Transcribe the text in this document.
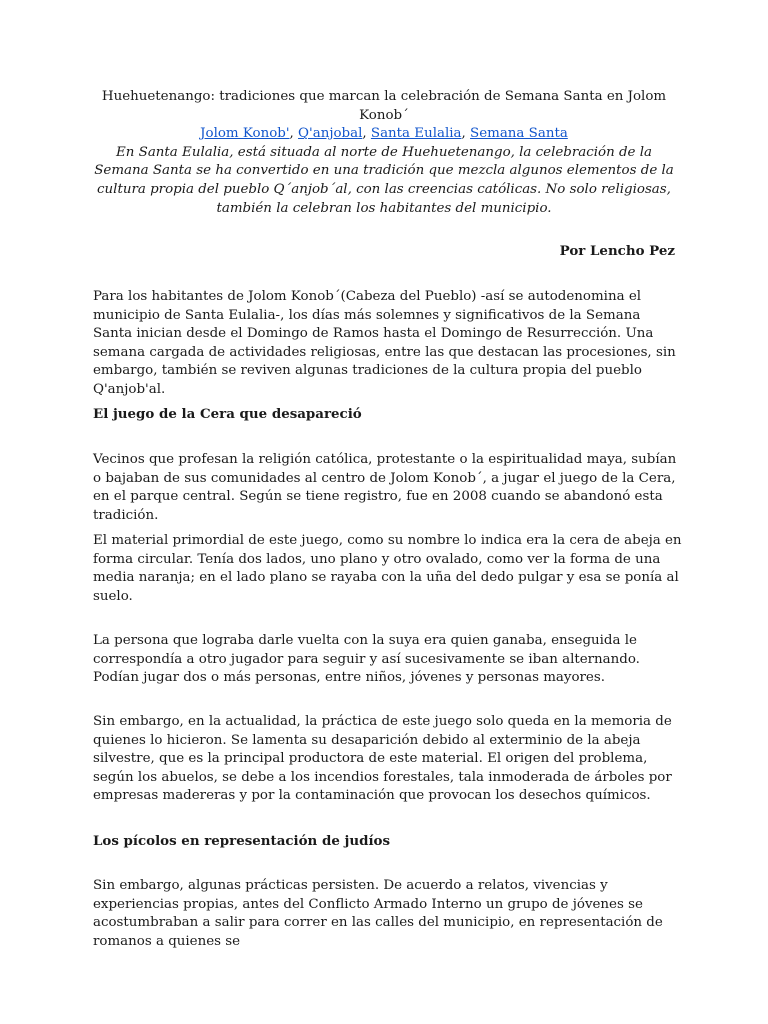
Huehuetenango: tradiciones que marcan la celebración de Semana Santa en Jolom Konob´
Jolom Konob', Q'anjobal, Santa Eulalia, Semana Santa
En Santa Eulalia, está situada al norte de Huehuetenango, la celebración de la Semana Santa se ha convertido en una tradición que mezcla algunos elementos de la cultura propia del pueblo Q´anjob´al, con las creencias católicas. No solo religiosas, también la celebran los habitantes del municipio.
Por Lencho Pez

Para los habitantes de Jolom Konob´(Cabeza del Pueblo) -así se autodenomina el municipio de Santa Eulalia-, los días más solemnes y significativos de la Semana Santa inician desde el Domingo de Ramos hasta el Domingo de Resurrección. Una semana cargada de actividades religiosas, entre las que destacan las procesiones, sin embargo, también se reviven algunas tradiciones de la cultura propia del pueblo Q'anjob'al.

El juego de la Cera que desapareció

Vecinos que profesan la religión católica, protestante o la espiritualidad maya, subían o bajaban de sus comunidades al centro de Jolom Konob´, a jugar el juego de la Cera, en el parque central. Según se tiene registro, fue en 2008 cuando se abandonó esta tradición.

El material primordial de este juego, como su nombre lo indica era la cera de abeja en forma circular. Tenía dos lados, uno plano y otro ovalado, como ver la forma de una media naranja; en el lado plano se rayaba con la uña del dedo pulgar y esa se ponía al suelo.

La persona que lograba darle vuelta con la suya era quien ganaba, enseguida le correspondía a otro jugador para seguir y así sucesivamente se iban alternando. Podían jugar dos o más personas, entre niños, jóvenes y personas mayores.

Sin embargo, en la actualidad, la práctica de este juego solo queda en la memoria de quienes lo hicieron. Se lamenta su desaparición debido al exterminio de la abeja silvestre, que es la principal productora de este material. El origen del problema, según los abuelos, se debe a los incendios forestales, tala inmoderada de árboles por empresas madereras y por la contaminación que provocan los desechos químicos.

Los pícolos en representación de judíos

Sin embargo, algunas prácticas persisten. De acuerdo a relatos, vivencias y experiencias propias, antes del Conflicto Armado Interno un grupo de jóvenes se acostumbraban a salir para correr en las calles del municipio, en representación de romanos a quienes se
